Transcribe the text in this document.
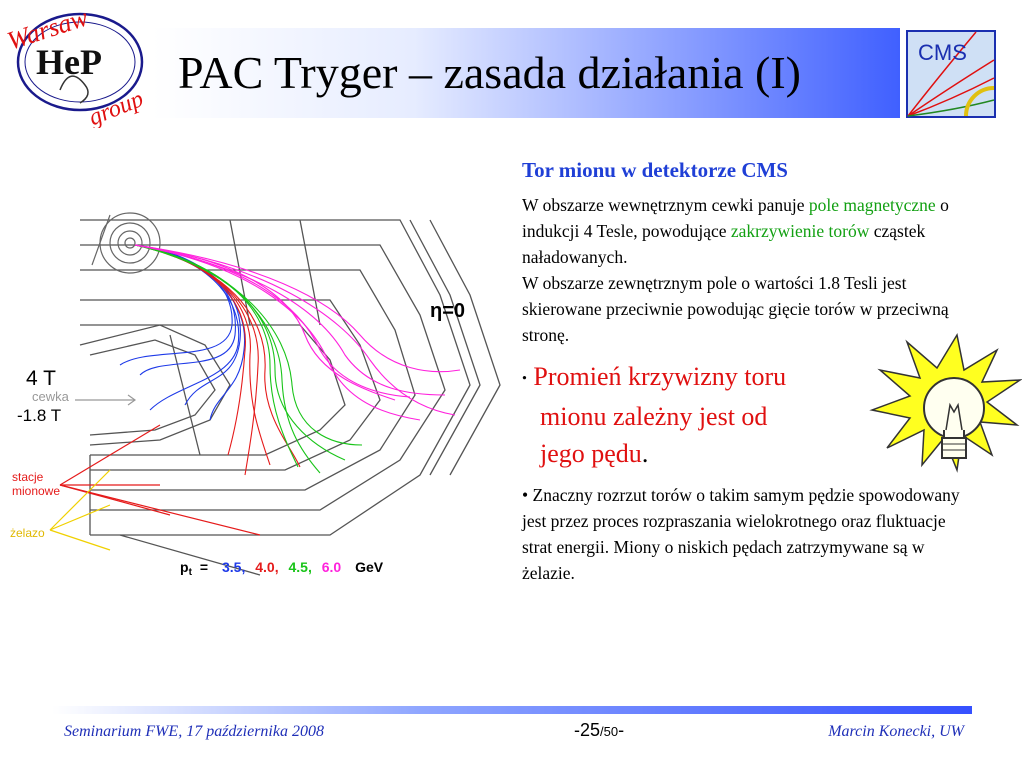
Warsaw
HeP
group
PAC Tryger – zasada działania (I)	CMS
4 T
cewka
-1.8 T
stacje
mionowe
żelazo
η=0
$p_t = 3.5$, 4.0, 4.5, 6.0 GeV
Tor mionu w detektorze CMS
W obszarze wewnętrznym cewki panuje pole magnetyczne o indukcji 4 Tesle, powodujące zakrzywienie torów cząstek naładowanych.
W obszarze zewnętrznym pole o wartości 1.8 Tesli jest skierowane przeciwnie powodując gięcie torów w przeciwną stronę.
• Promień krzywizny toru
mionu zależny jest od
jego pędu.
• Znaczny rozrzut torów o takim samym pędzie spowodowany jest przez proces rozpraszania wielokrotnego oraz fluktuacje strat energii. Miony o niskich pędach zatrzymywane są w żelazie.
Seminarium FWE, 17 października 2008	-25/50-	Marcin Konecki, UW
